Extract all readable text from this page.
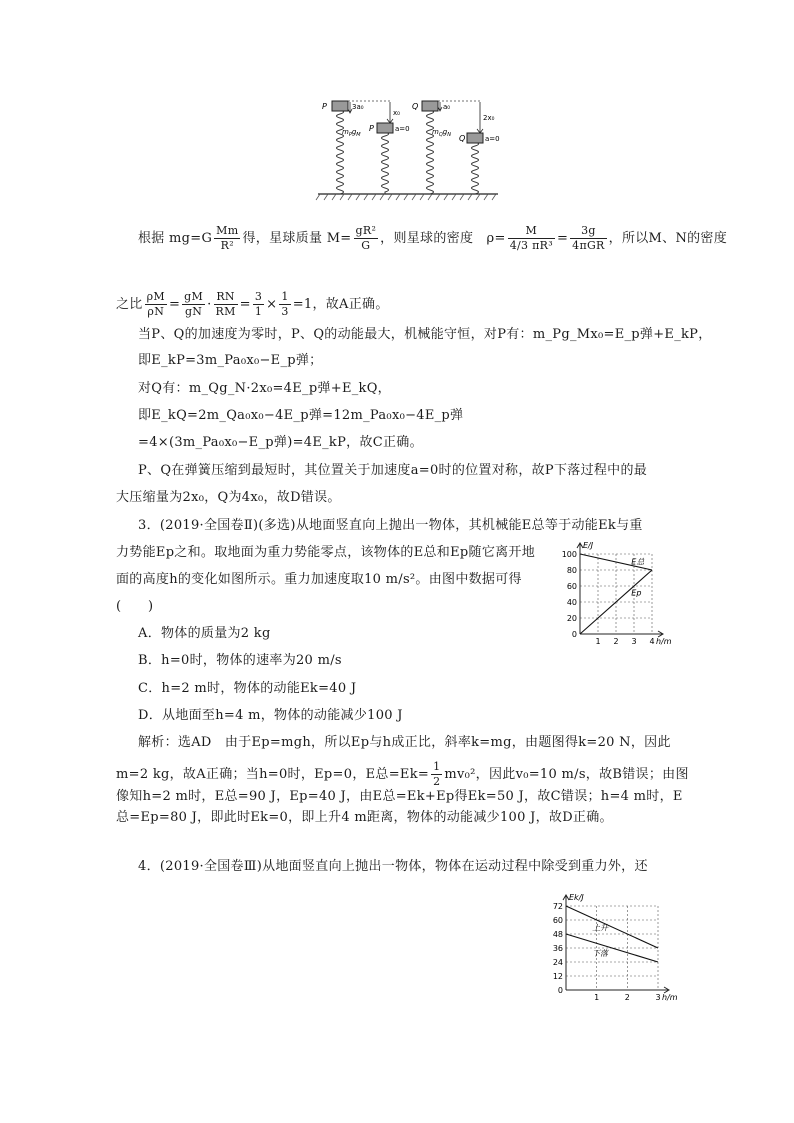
P	3a₀
x₀
$m_Pg_M$
P	a=0
Q	a₀
2x₀
$m_Qg_N$ Q	a=0
根据 $mg=G \frac{Mm}{\text{R²}}$ 得，星球质量 $M= \frac{\text{gR²}}{G}$ ，则星球的密度　$\rho= \frac{M}{\text{4/3 πR³}} = \frac{3g}{\text{4πGR}}$ ，所以M、N的密度
之比 $\frac{\rho M}{\rho N} = \frac{gM}{gN} \cdot \frac{RN}{RM} = \frac{3}{1} \times \frac{1}{3} =1$，故A正确。
当P、Q的加速度为零时，P、Q的动能最大，机械能守恒，对P有：m_Pg_Mx₀=E_p弹+E_kP，
即E_kP=3m_Pa₀x₀−E_p弹；
对Q有：m_Qg_N·2x₀=4E_p弹+E_kQ，
即E_kQ=2m_Qa₀x₀−4E_p弹=12m_Pa₀x₀−4E_p弹
=4×(3m_Pa₀x₀−E_p弹)=4E_kP，故C正确。
P、Q在弹簧压缩到最短时，其位置关于加速度a=0时的位置对称，故P下落过程中的最
大压缩量为2x₀，Q为4x₀，故D错误。
3．(2019·全国卷Ⅱ)(多选)从地面竖直向上抛出一物体，其机械能E总等于动能Ek与重
力势能Ep之和。取地面为重力势能零点，该物体的E总和Ep随它离开地
面的高度h的变化如图所示。重力加速度取10 m/s²。由图中数据可得
(　　)
A．物体的质量为2 kg
B．h=0时，物体的速率为20 m/s
C．h=2 m时，物体的动能Ek=40 J
D．从地面至h=4 m，物体的动能减少100 J
解析：选AD　由于Ep=mgh，所以Ep与h成正比，斜率k=mg，由题图得k=20 N，因此
m=2 kg，故A正确；当h=0时，Ep=0，E总$=Ek= \frac{1}{2} mv_0^2$，因此v₀=10 m/s，故B错误；由图
像知h=2 m时，E总=90 J，Ep=40 J，由E总=Ek+Ep得Ek=50 J，故C错误；h=4 m时，E
总=Ep=80 J，即此时Ek=0，即上升4 m距离，物体的动能减少100 J，故D正确。
4．(2019·全国卷Ⅲ)从地面竖直向上抛出一物体，物体在运动过程中除受到重力外，还
0
20
40
60
80
100
1 2 3 4
E/J
h/m
E总
Ep
0
12
24
36
48
60
72
1	2	3
Ek/J
h/m
上升
下落
